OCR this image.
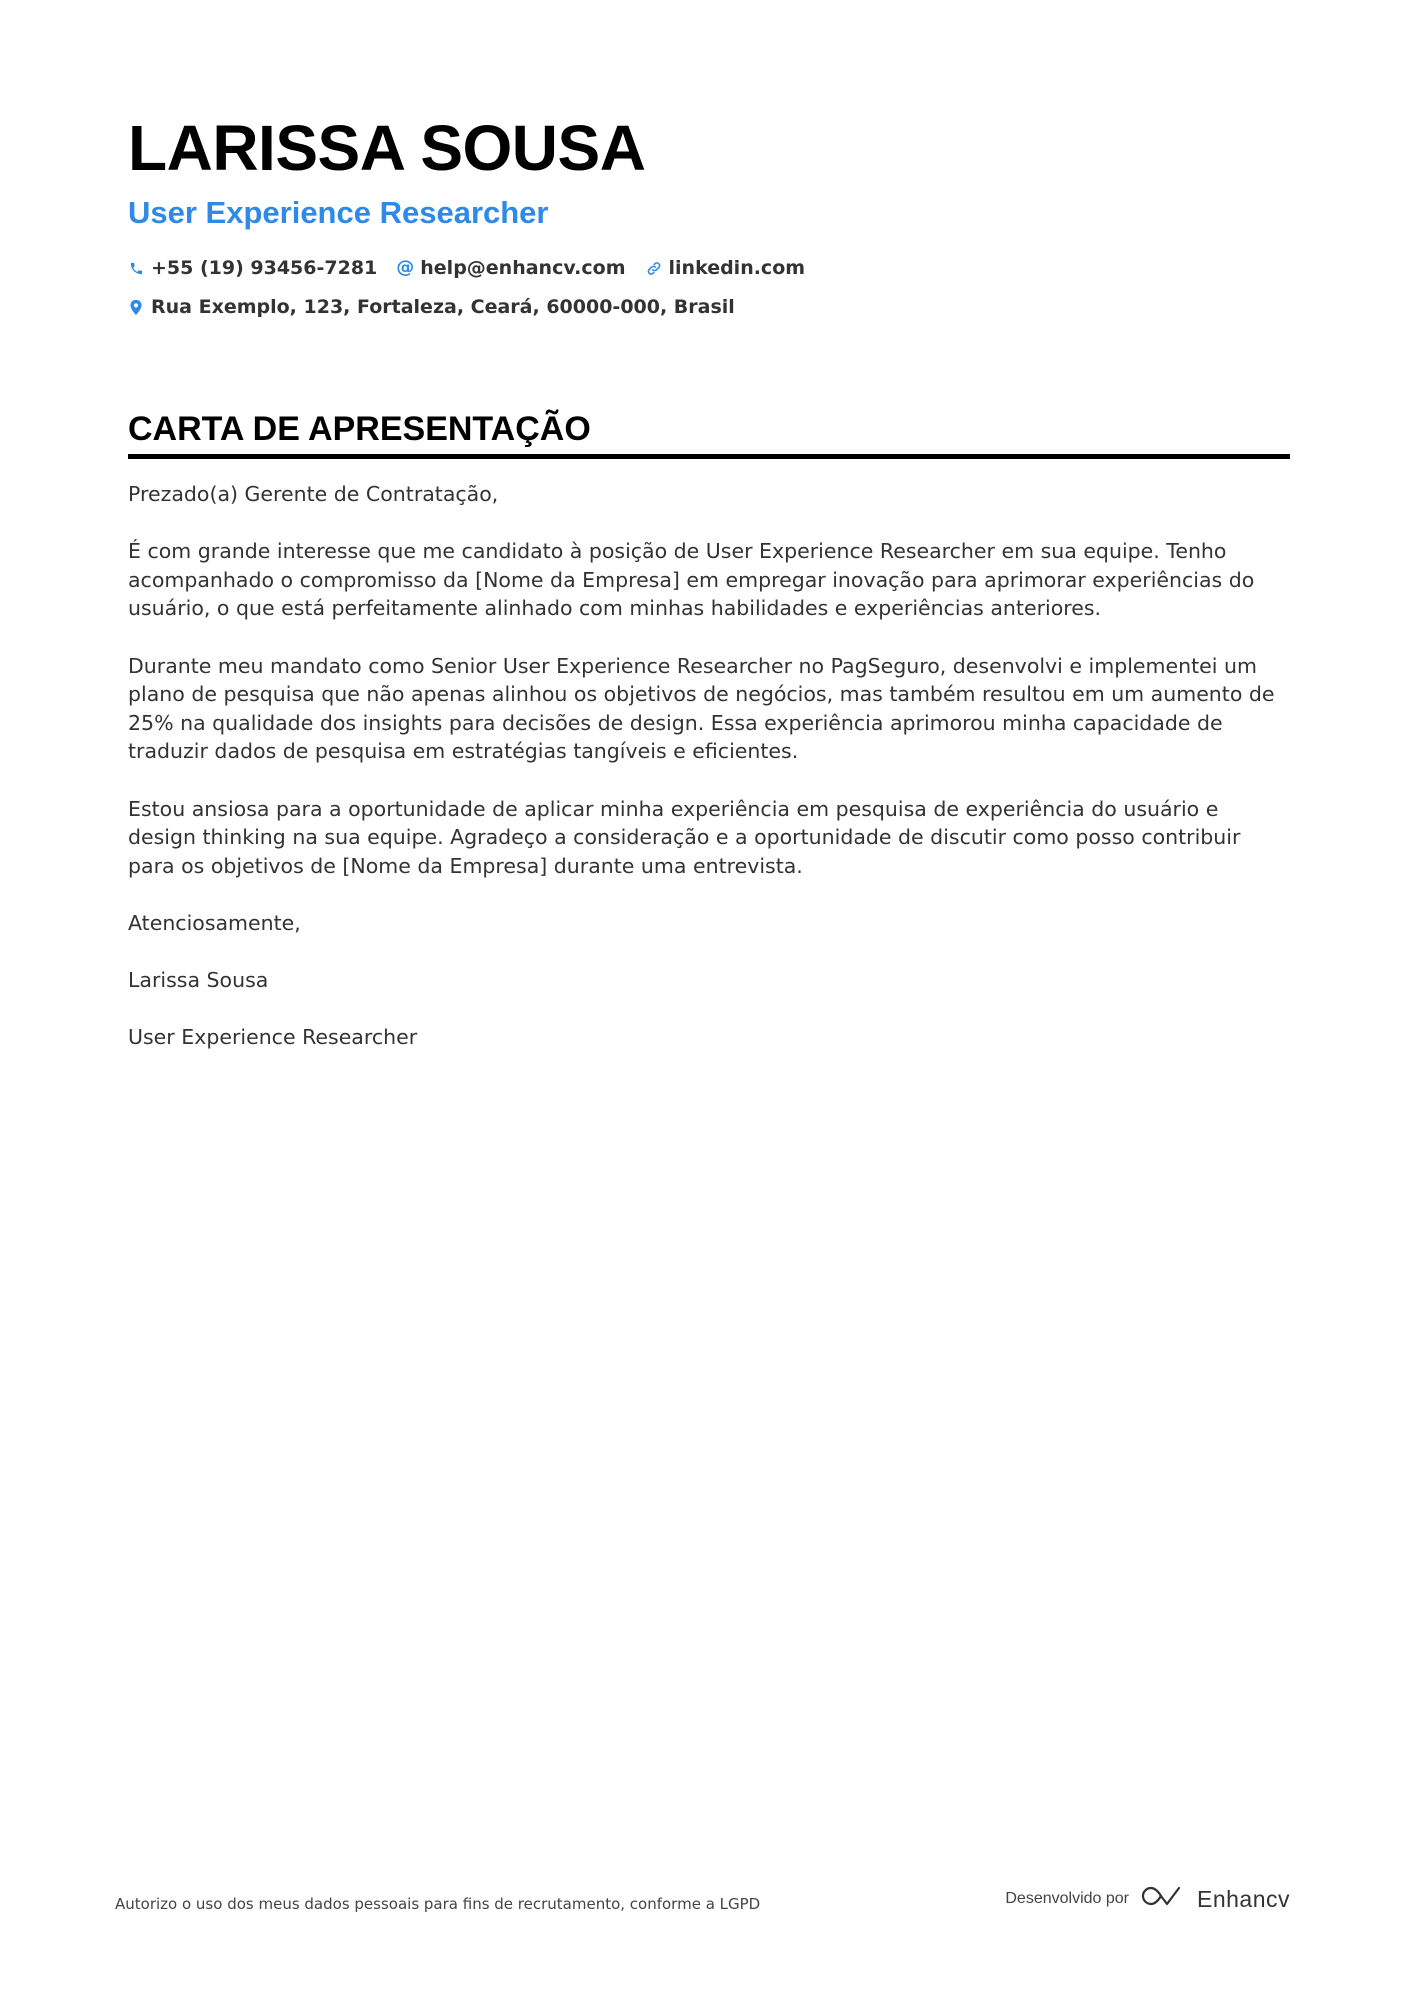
LARISSA SOUSA
User Experience Researcher
+55 (19) 93456-7281 @ help@enhancv.com linkedin.com
Rua Exemplo, 123, Fortaleza, Ceará, 60000-000, Brasil
CARTA DE APRESENTAÇÃO

Prezado(a) Gerente de Contratação,

É com grande interesse que me candidato à posição de User Experience Researcher em sua equipe. Tenho acompanhado o compromisso da [Nome da Empresa] em empregar inovação para aprimorar experiências do usuário, o que está perfeitamente alinhado com minhas habilidades e experiências anteriores.

Durante meu mandato como Senior User Experience Researcher no PagSeguro, desenvolvi e implementei um plano de pesquisa que não apenas alinhou os objetivos de negócios, mas também resultou em um aumento de 25% na qualidade dos insights para decisões de design. Essa experiência aprimorou minha capacidade de traduzir dados de pesquisa em estratégias tangíveis e eficientes.

Estou ansiosa para a oportunidade de aplicar minha experiência em pesquisa de experiência do usuário e design thinking na sua equipe. Agradeço a consideração e a oportunidade de discutir como posso contribuir para os objetivos de [Nome da Empresa] durante uma entrevista.

Atenciosamente,

Larissa Sousa

User Experience Researcher

Autorizo o uso dos meus dados pessoais para fins de recrutamento, conforme a LGPD	Desenvolvido por	Enhancv
